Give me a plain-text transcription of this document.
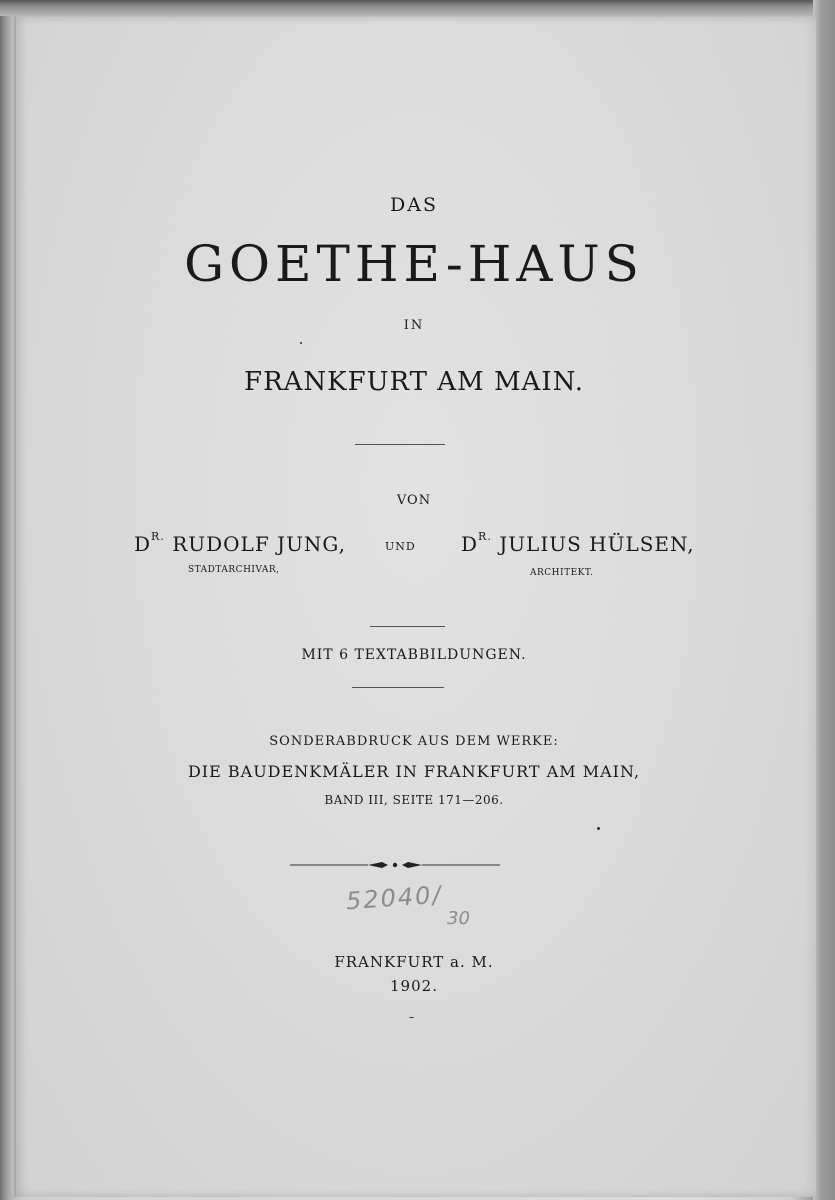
DAS
GOETHE-HAUS
IN
FRANKFURT AM MAIN.
VON
$D^{R.}$ RUDOLF JUNG,
STADTARCHIVAR,
UND $D^{R.}$ JULIUS HÜLSEN,
ARCHITEKT.
MIT 6 TEXTABBILDUNGEN.
SONDERABDRUCK AUS DEM WERKE:
DIE BAUDENKMÄLER IN FRANKFURT AM MAIN,
BAND III, SEITE 171—206.
52040/
30
FRANKFURT a. M.
1902.
